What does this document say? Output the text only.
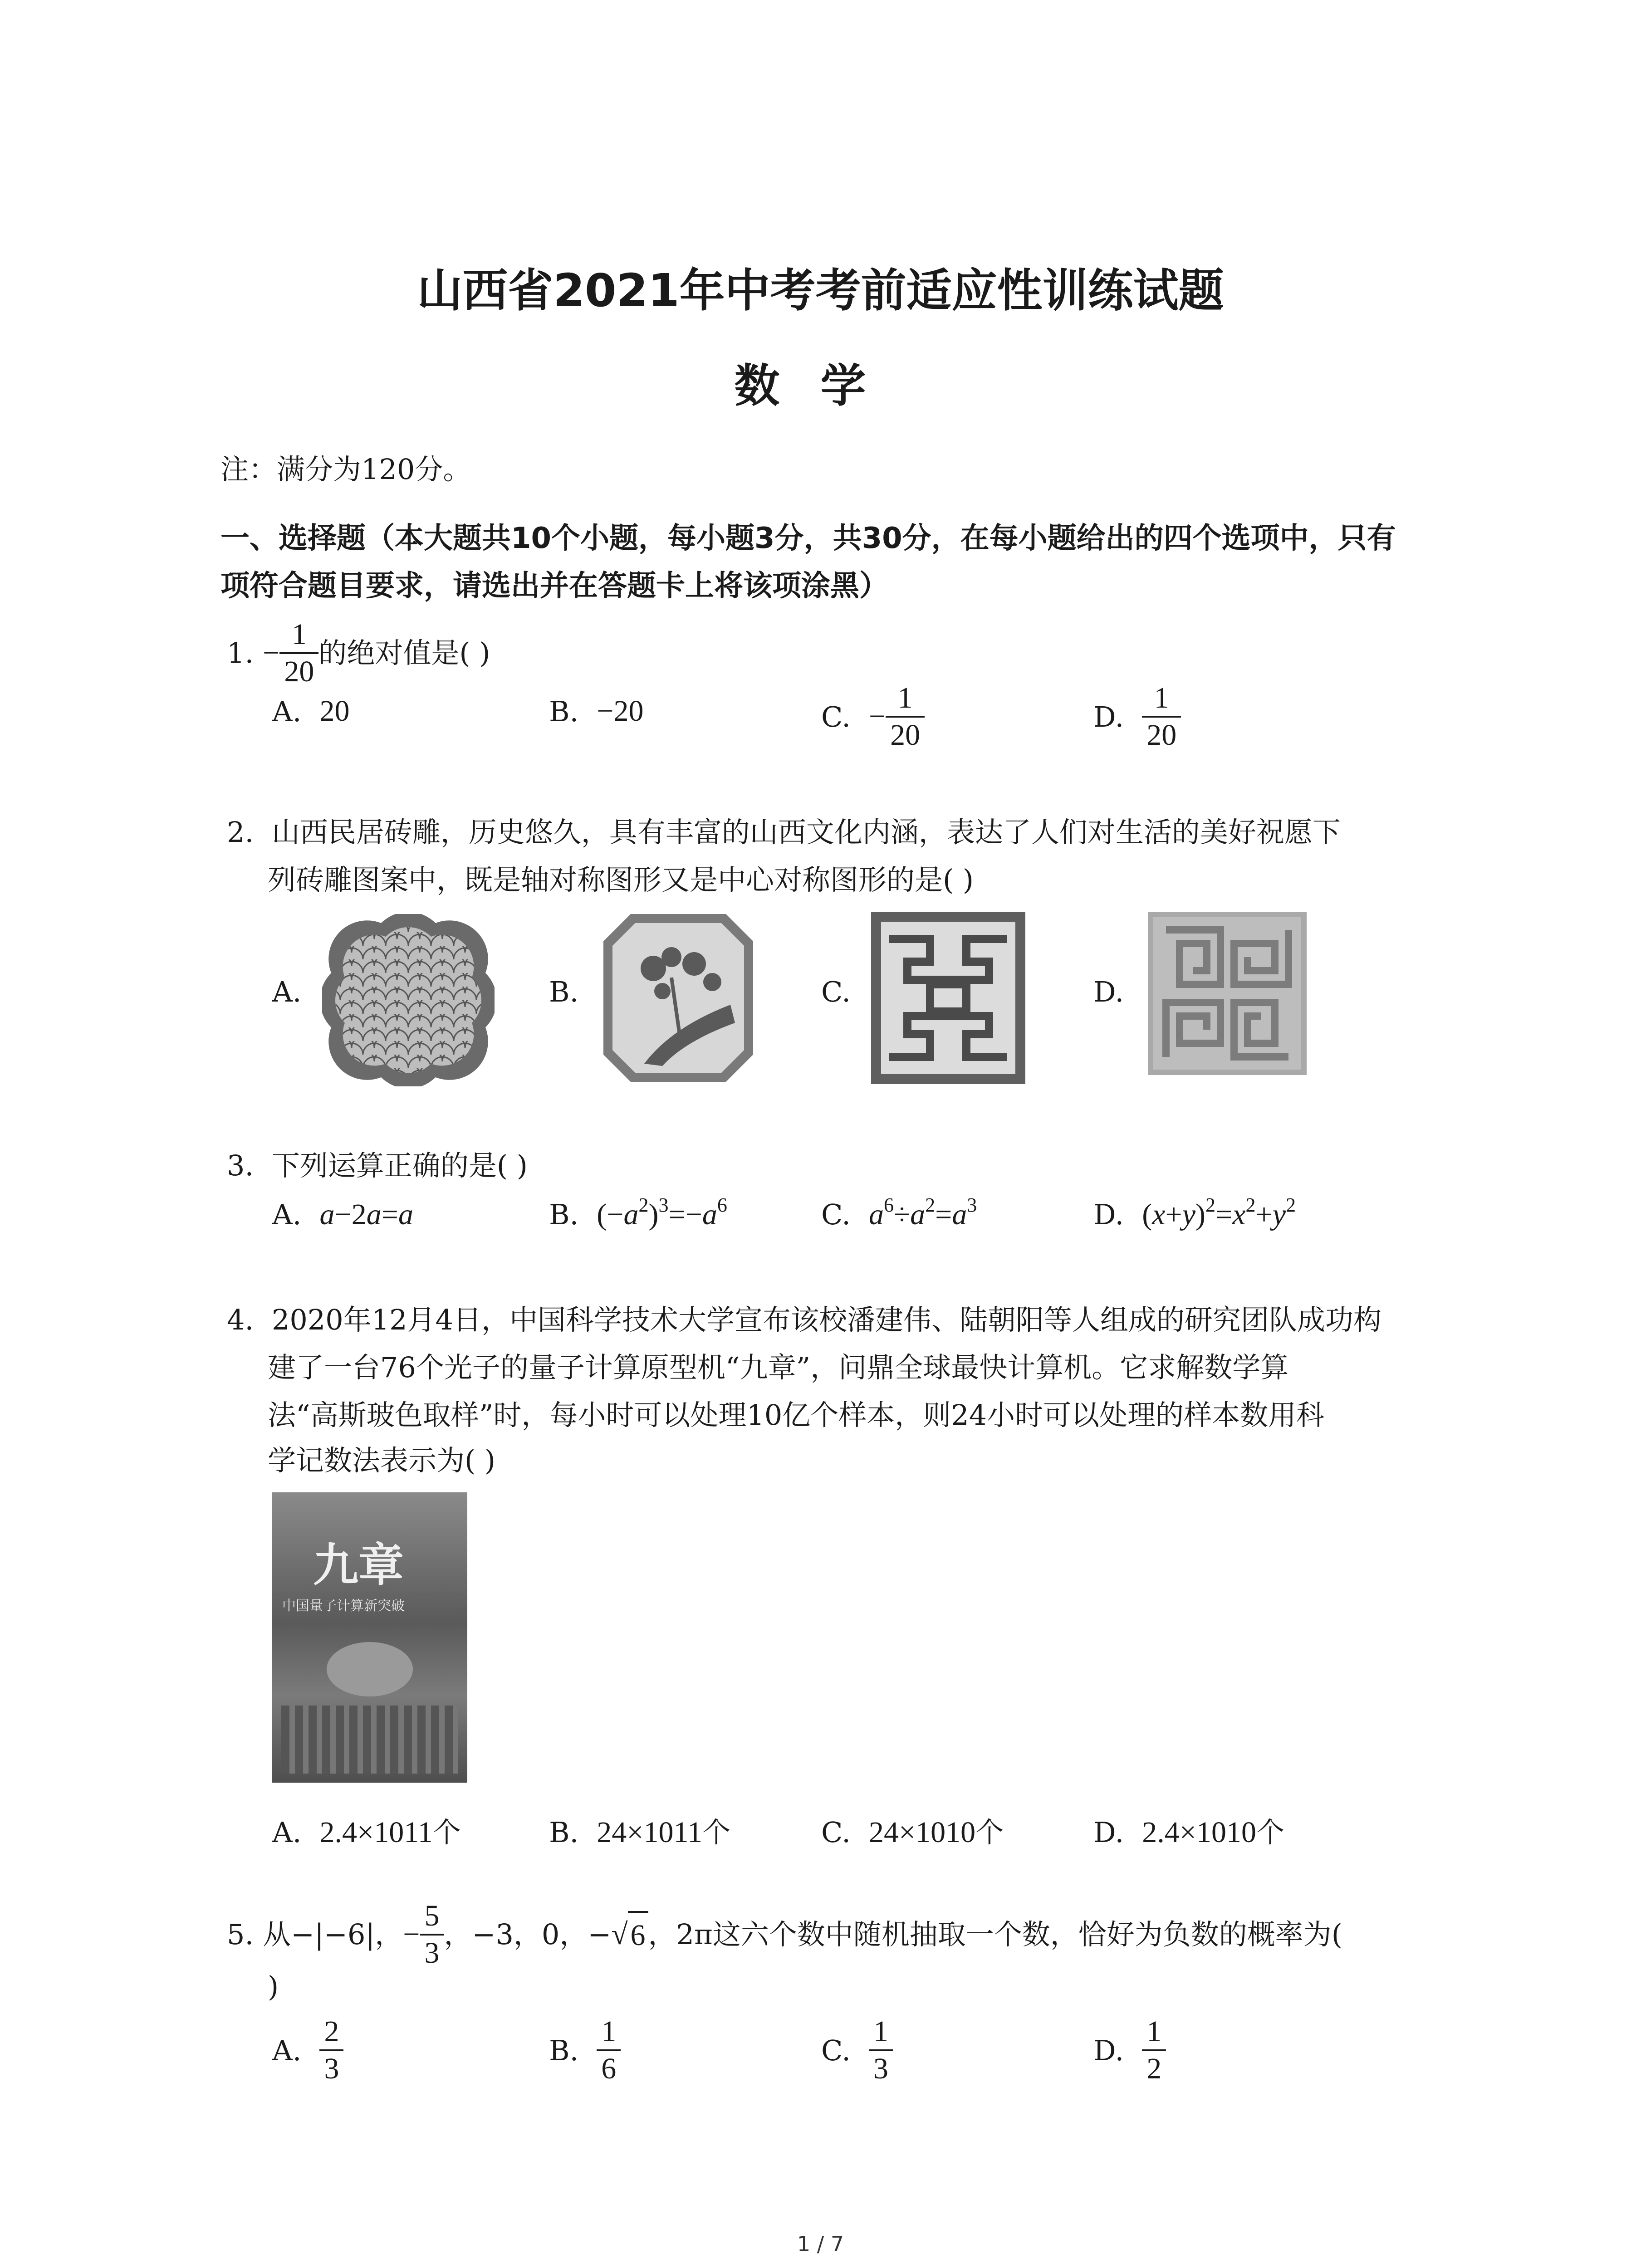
山西省2021年中考考前适应性训练试题
数学
注：满分为120分。
一、选择题（本大题共10个小题，每小题3分，共30分，在每小题给出的四个选项中，只有
项符合题目要求，请选出并在答题卡上将该项涂黑）
1. − $\frac{1}{20}$ 的绝对值是( )
A. 20	B. −20	C. − $\frac{1}{20}$	D. $\frac{1}{20}$
2. 山西民居砖雕，历史悠久，具有丰富的山西文化内涵，表达了人们对生活的美好祝愿下
列砖雕图案中，既是轴对称图形又是中心对称图形的是( )
A.	B.	C.	D.
3. 下列运算正确的是( )
A. a−2a=a	B. $(-a^2)^3=-a^6$	C. $a^6\div a^2=a^3$	D. $(x+y)^2=x^2+y^2$
4. 2020年12月4日，中国科学技术大学宣布该校潘建伟、陆朝阳等人组成的研究团队成功构
建了一台76个光子的量子计算原型机“九章”，问鼎全球最快计算机。它求解数学算
法“高斯玻色取样”时，每小时可以处理10亿个样本，则24小时可以处理的样本数用科
学记数法表示为( )
九章
中国量子计算新突破
A. 2.4×10 11 个	B. 24×10 11 个	C. 24×10 10 个	D. 2.4×10 10 个
5. 从−|−6|， − $\frac{5}{3}$ ，−3，0，− √ 6 ，2π这六个数中随机抽取一个数，恰好为负数的概率为(
)
A. $\frac{2}{3}$	B. $\frac{1}{6}$	C. $\frac{1}{3}$	D. $\frac{1}{2}$
1 / 7
